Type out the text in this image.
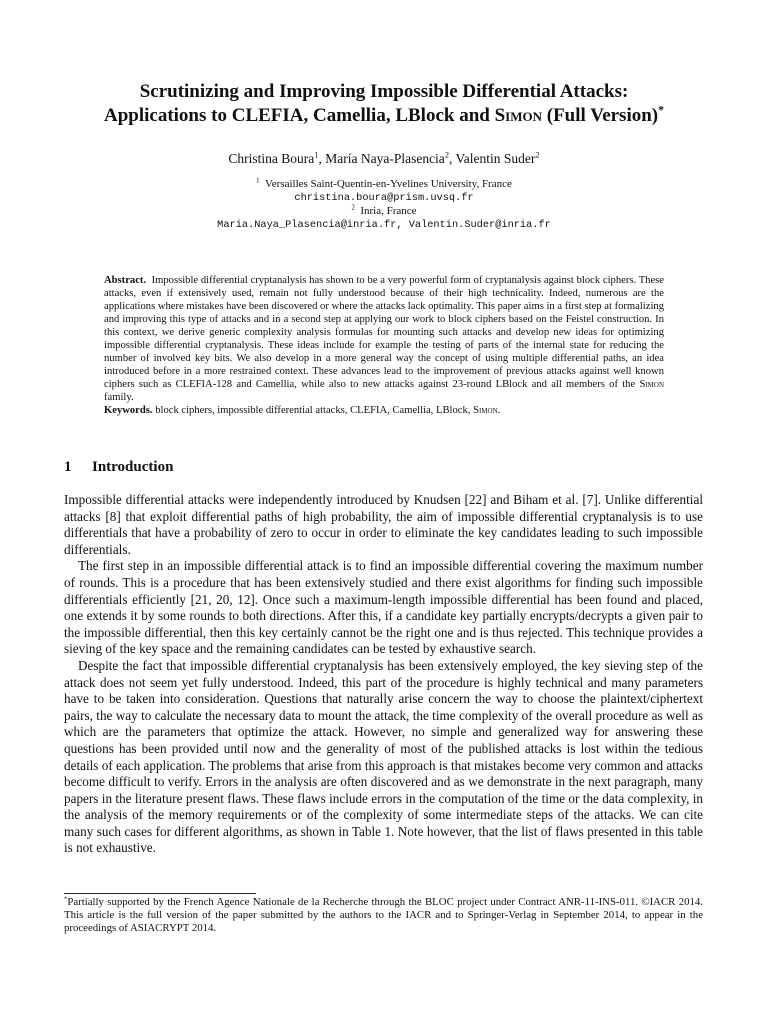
Scrutinizing and Improving Impossible Differential Attacks:
Applications to CLEFIA, Camellia, LBlock and Simon (Full Version)*
Christina Boura$^1$, María Naya-Plasencia$^2$, Valentin Suder$^2$
$^1$ Versailles Saint-Quentin-en-Yvelines University, France
christina.boura@prism.uvsq.fr
$^2$ Inria, France
Maria.Naya_Plasencia@inria.fr, Valentin.Suder@inria.fr
Abstract. Impossible differential cryptanalysis has shown to be a very powerful form of cryptanalysis against block ciphers. These attacks, even if extensively used, remain not fully understood because of their high technicality. Indeed, numerous are the applications where mistakes have been discovered or where the attacks lack optimality. This paper aims in a first step at formalizing and improving this type of attacks and in a second step at applying our work to block ciphers based on the Feistel construction. In this context, we derive generic complexity analysis formulas for mounting such attacks and develop new ideas for optimizing impossible differential cryptanalysis. These ideas include for example the testing of parts of the internal state for reducing the number of involved key bits. We also develop in a more general way the concept of using multiple differential paths, an idea introduced before in a more restrained context. These advances lead to the improvement of previous attacks against well known ciphers such as CLEFIA-128 and Camellia, while also to new attacks against 23-round LBlock and all members of the Simon family.
Keywords. block ciphers, impossible differential attacks, CLEFIA, Camellia, LBlock, Simon.
1 Introduction

Impossible differential attacks were independently introduced by Knudsen [22] and Biham et al. [7]. Unlike differential attacks [8] that exploit differential paths of high probability, the aim of impossible differential cryptanalysis is to use differentials that have a probability of zero to occur in order to eliminate the key candidates leading to such impossible differentials.

The first step in an impossible differential attack is to find an impossible differential covering the maximum number of rounds. This is a procedure that has been extensively studied and there exist algorithms for finding such impossible differentials efficiently [21, 20, 12]. Once such a maximum-length impossible differential has been found and placed, one extends it by some rounds to both directions. After this, if a candidate key partially encrypts/decrypts a given pair to the impossible differential, then this key certainly cannot be the right one and is thus rejected. This technique provides a sieving of the key space and the remaining candidates can be tested by exhaustive search.

Despite the fact that impossible differential cryptanalysis has been extensively employed, the key sieving step of the attack does not seem yet fully understood. Indeed, this part of the procedure is highly technical and many parameters have to be taken into consideration. Questions that naturally arise concern the way to choose the plaintext/ciphertext pairs, the way to calculate the necessary data to mount the attack, the time complexity of the overall procedure as well as which are the parameters that optimize the attack. However, no simple and generalized way for answering these questions has been provided until now and the generality of most of the published attacks is lost within the tedious details of each application. The problems that arise from this approach is that mistakes become very common and attacks become difficult to verify. Errors in the analysis are often discovered and as we demonstrate in the next paragraph, many papers in the literature present flaws. These flaws include errors in the computation of the time or the data complexity, in the analysis of the memory requirements or of the complexity of some intermediate steps of the attacks. We can cite many such cases for different algorithms, as shown in Table 1. Note however, that the list of flaws presented in this table is not exhaustive.

*Partially supported by the French Agence Nationale de la Recherche through the BLOC project under Contract ANR-11-INS-011. ©IACR 2014. This article is the full version of the paper submitted by the authors to the IACR and to Springer-Verlag in September 2014, to appear in the proceedings of ASIACRYPT 2014.
